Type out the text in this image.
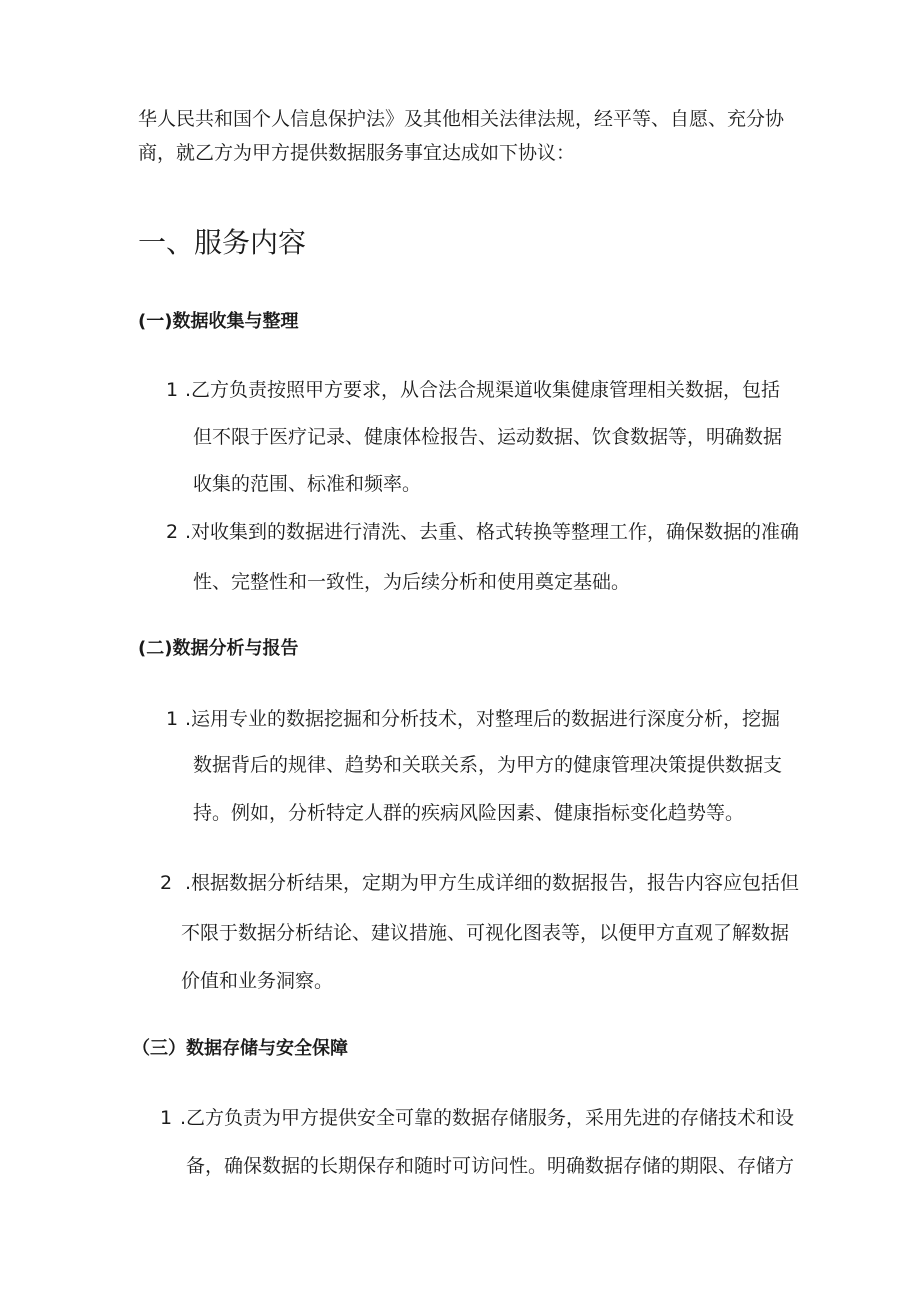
华人民共和国个人信息保护法》及其他相关法律法规，经平等、自愿、充分协

商，就乙方为甲方提供数据服务事宜达成如下协议：

一、服务内容
(一)数据收集与整理
1 .乙方负责按照甲方要求，从合法合规渠道收集健康管理相关数据，包括

但不限于医疗记录、健康体检报告、运动数据、饮食数据等，明确数据

收集的范围、标准和频率。

2 .对收集到的数据进行清洗、去重、格式转换等整理工作，确保数据的准确

性、完整性和一致性，为后续分析和使用奠定基础。

(二)数据分析与报告
1 .运用专业的数据挖掘和分析技术，对整理后的数据进行深度分析，挖掘

数据背后的规律、趋势和关联关系，为甲方的健康管理决策提供数据支

持。例如，分析特定人群的疾病风险因素、健康指标变化趋势等。

2 .根据数据分析结果，定期为甲方生成详细的数据报告，报告内容应包括但

不限于数据分析结论、建议措施、可视化图表等，以便甲方直观了解数据

价值和业务洞察。

（三）数据存储与安全保障
1 .乙方负责为甲方提供安全可靠的数据存储服务，采用先进的存储技术和设

备，确保数据的长期保存和随时可访问性。明确数据存储的期限、存储方
